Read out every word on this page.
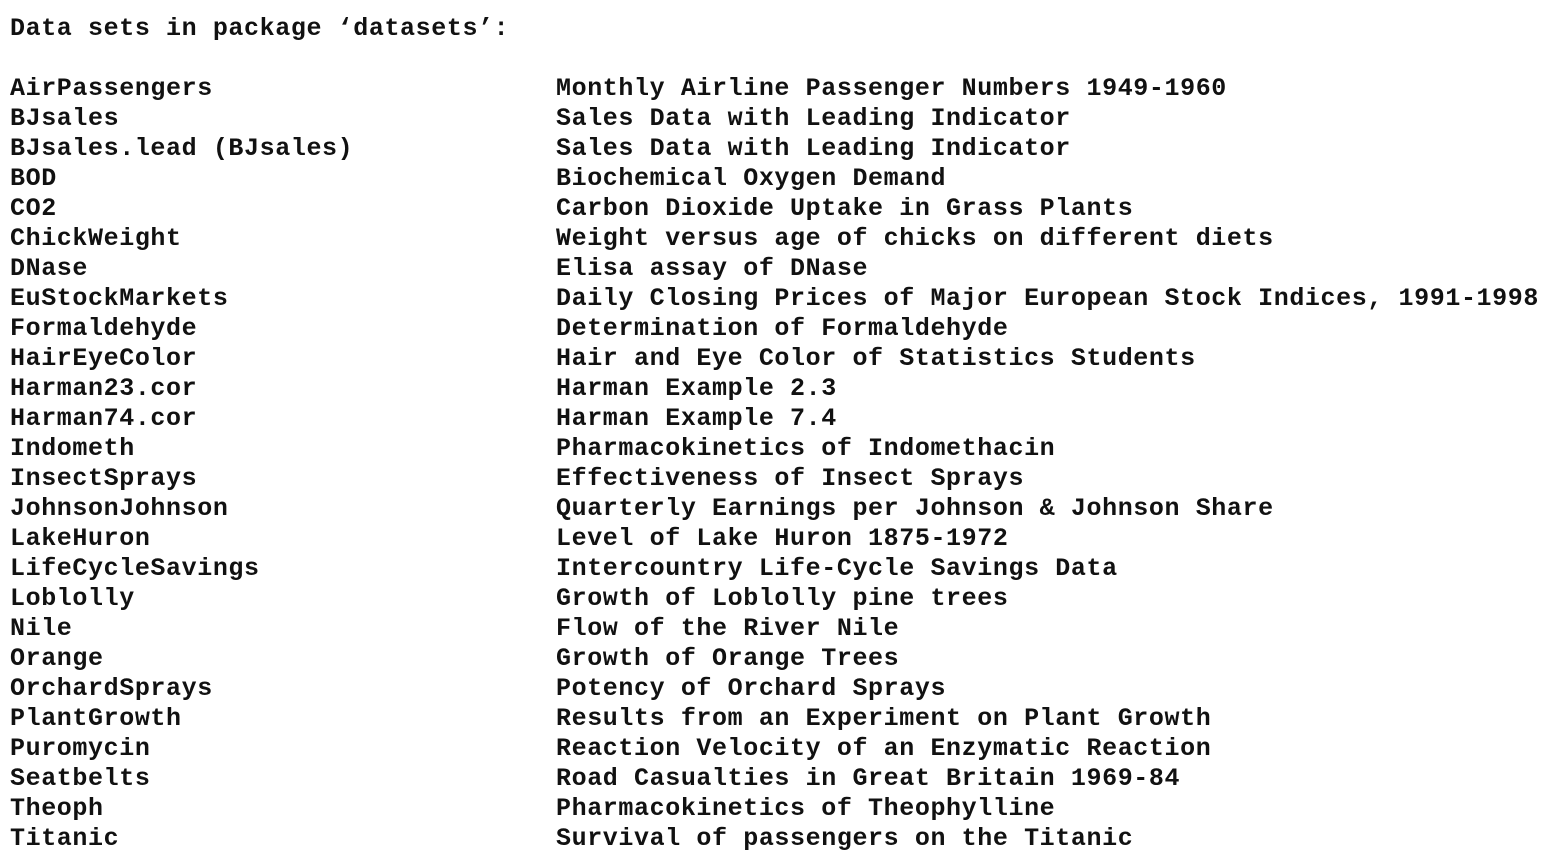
Data sets in package ‘datasets’:
AirPassengers	Monthly Airline Passenger Numbers 1949-1960
BJsales	Sales Data with Leading Indicator
BJsales.lead (BJsales)	Sales Data with Leading Indicator
BOD	Biochemical Oxygen Demand
CO2	Carbon Dioxide Uptake in Grass Plants
ChickWeight	Weight versus age of chicks on different diets
DNase	Elisa assay of DNase
EuStockMarkets	Daily Closing Prices of Major European Stock Indices, 1991-1998
Formaldehyde	Determination of Formaldehyde
HairEyeColor	Hair and Eye Color of Statistics Students
Harman23.cor	Harman Example 2.3
Harman74.cor	Harman Example 7.4
Indometh	Pharmacokinetics of Indomethacin
InsectSprays	Effectiveness of Insect Sprays
JohnsonJohnson	Quarterly Earnings per Johnson & Johnson Share
LakeHuron	Level of Lake Huron 1875-1972
LifeCycleSavings	Intercountry Life-Cycle Savings Data
Loblolly	Growth of Loblolly pine trees
Nile	Flow of the River Nile
Orange	Growth of Orange Trees
OrchardSprays	Potency of Orchard Sprays
PlantGrowth	Results from an Experiment on Plant Growth
Puromycin	Reaction Velocity of an Enzymatic Reaction
Seatbelts	Road Casualties in Great Britain 1969-84
Theoph	Pharmacokinetics of Theophylline
Titanic	Survival of passengers on the Titanic
